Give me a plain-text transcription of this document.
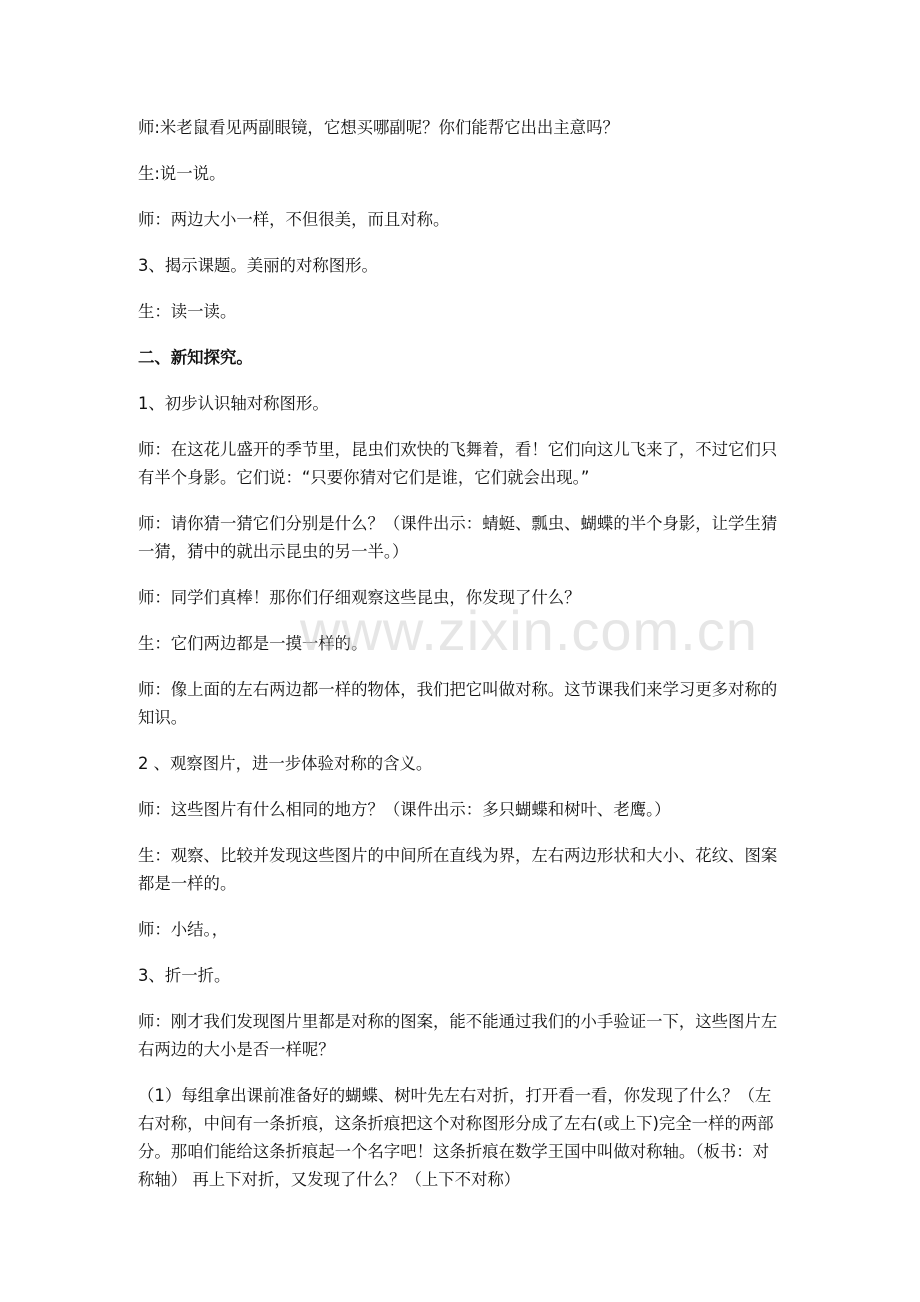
师:米老鼠看见两副眼镜，它想买哪副呢？你们能帮它出出主意吗？

生:说一说。

师：两边大小一样，不但很美，而且对称。

3、揭示课题。美丽的对称图形。

生：读一读。

二、新知探究。

1、初步认识轴对称图形。

师：在这花儿盛开的季节里，昆虫们欢快的飞舞着，看！它们向这儿飞来了，不过它们只有半个身影。它们说：“只要你猜对它们是谁，它们就会出现。”

师：请你猜一猜它们分别是什么？（课件出示：蜻蜓、瓢虫、蝴蝶的半个身影，让学生猜一猜，猜中的就出示昆虫的另一半。）

师：同学们真棒！那你们仔细观察这些昆虫，你发现了什么？

生：它们两边都是一摸一样的。

师：像上面的左右两边都一样的物体，我们把它叫做对称。这节课我们来学习更多对称的知识。

2 、观察图片，进一步体验对称的含义。

师：这些图片有什么相同的地方？（课件出示：多只蝴蝶和树叶、老鹰。）

生：观察、比较并发现这些图片的中间所在直线为界，左右两边形状和大小、花纹、图案都是一样的。

师：小结。，

3、折一折。

师：刚才我们发现图片里都是对称的图案，能不能通过我们的小手验证一下，这些图片左右两边的大小是否一样呢？

（1）每组拿出课前准备好的蝴蝶、树叶先左右对折，打开看一看，你发现了什么？（左右对称，中间有一条折痕，这条折痕把这个对称图形分成了左右(或上下)完全一样的两部分。那咱们能给这条折痕起一个名字吧！这条折痕在数学王国中叫做对称轴。（板书：对称轴） 再上下对折，又发现了什么？（上下不对称）

www.zixin.com.cn
